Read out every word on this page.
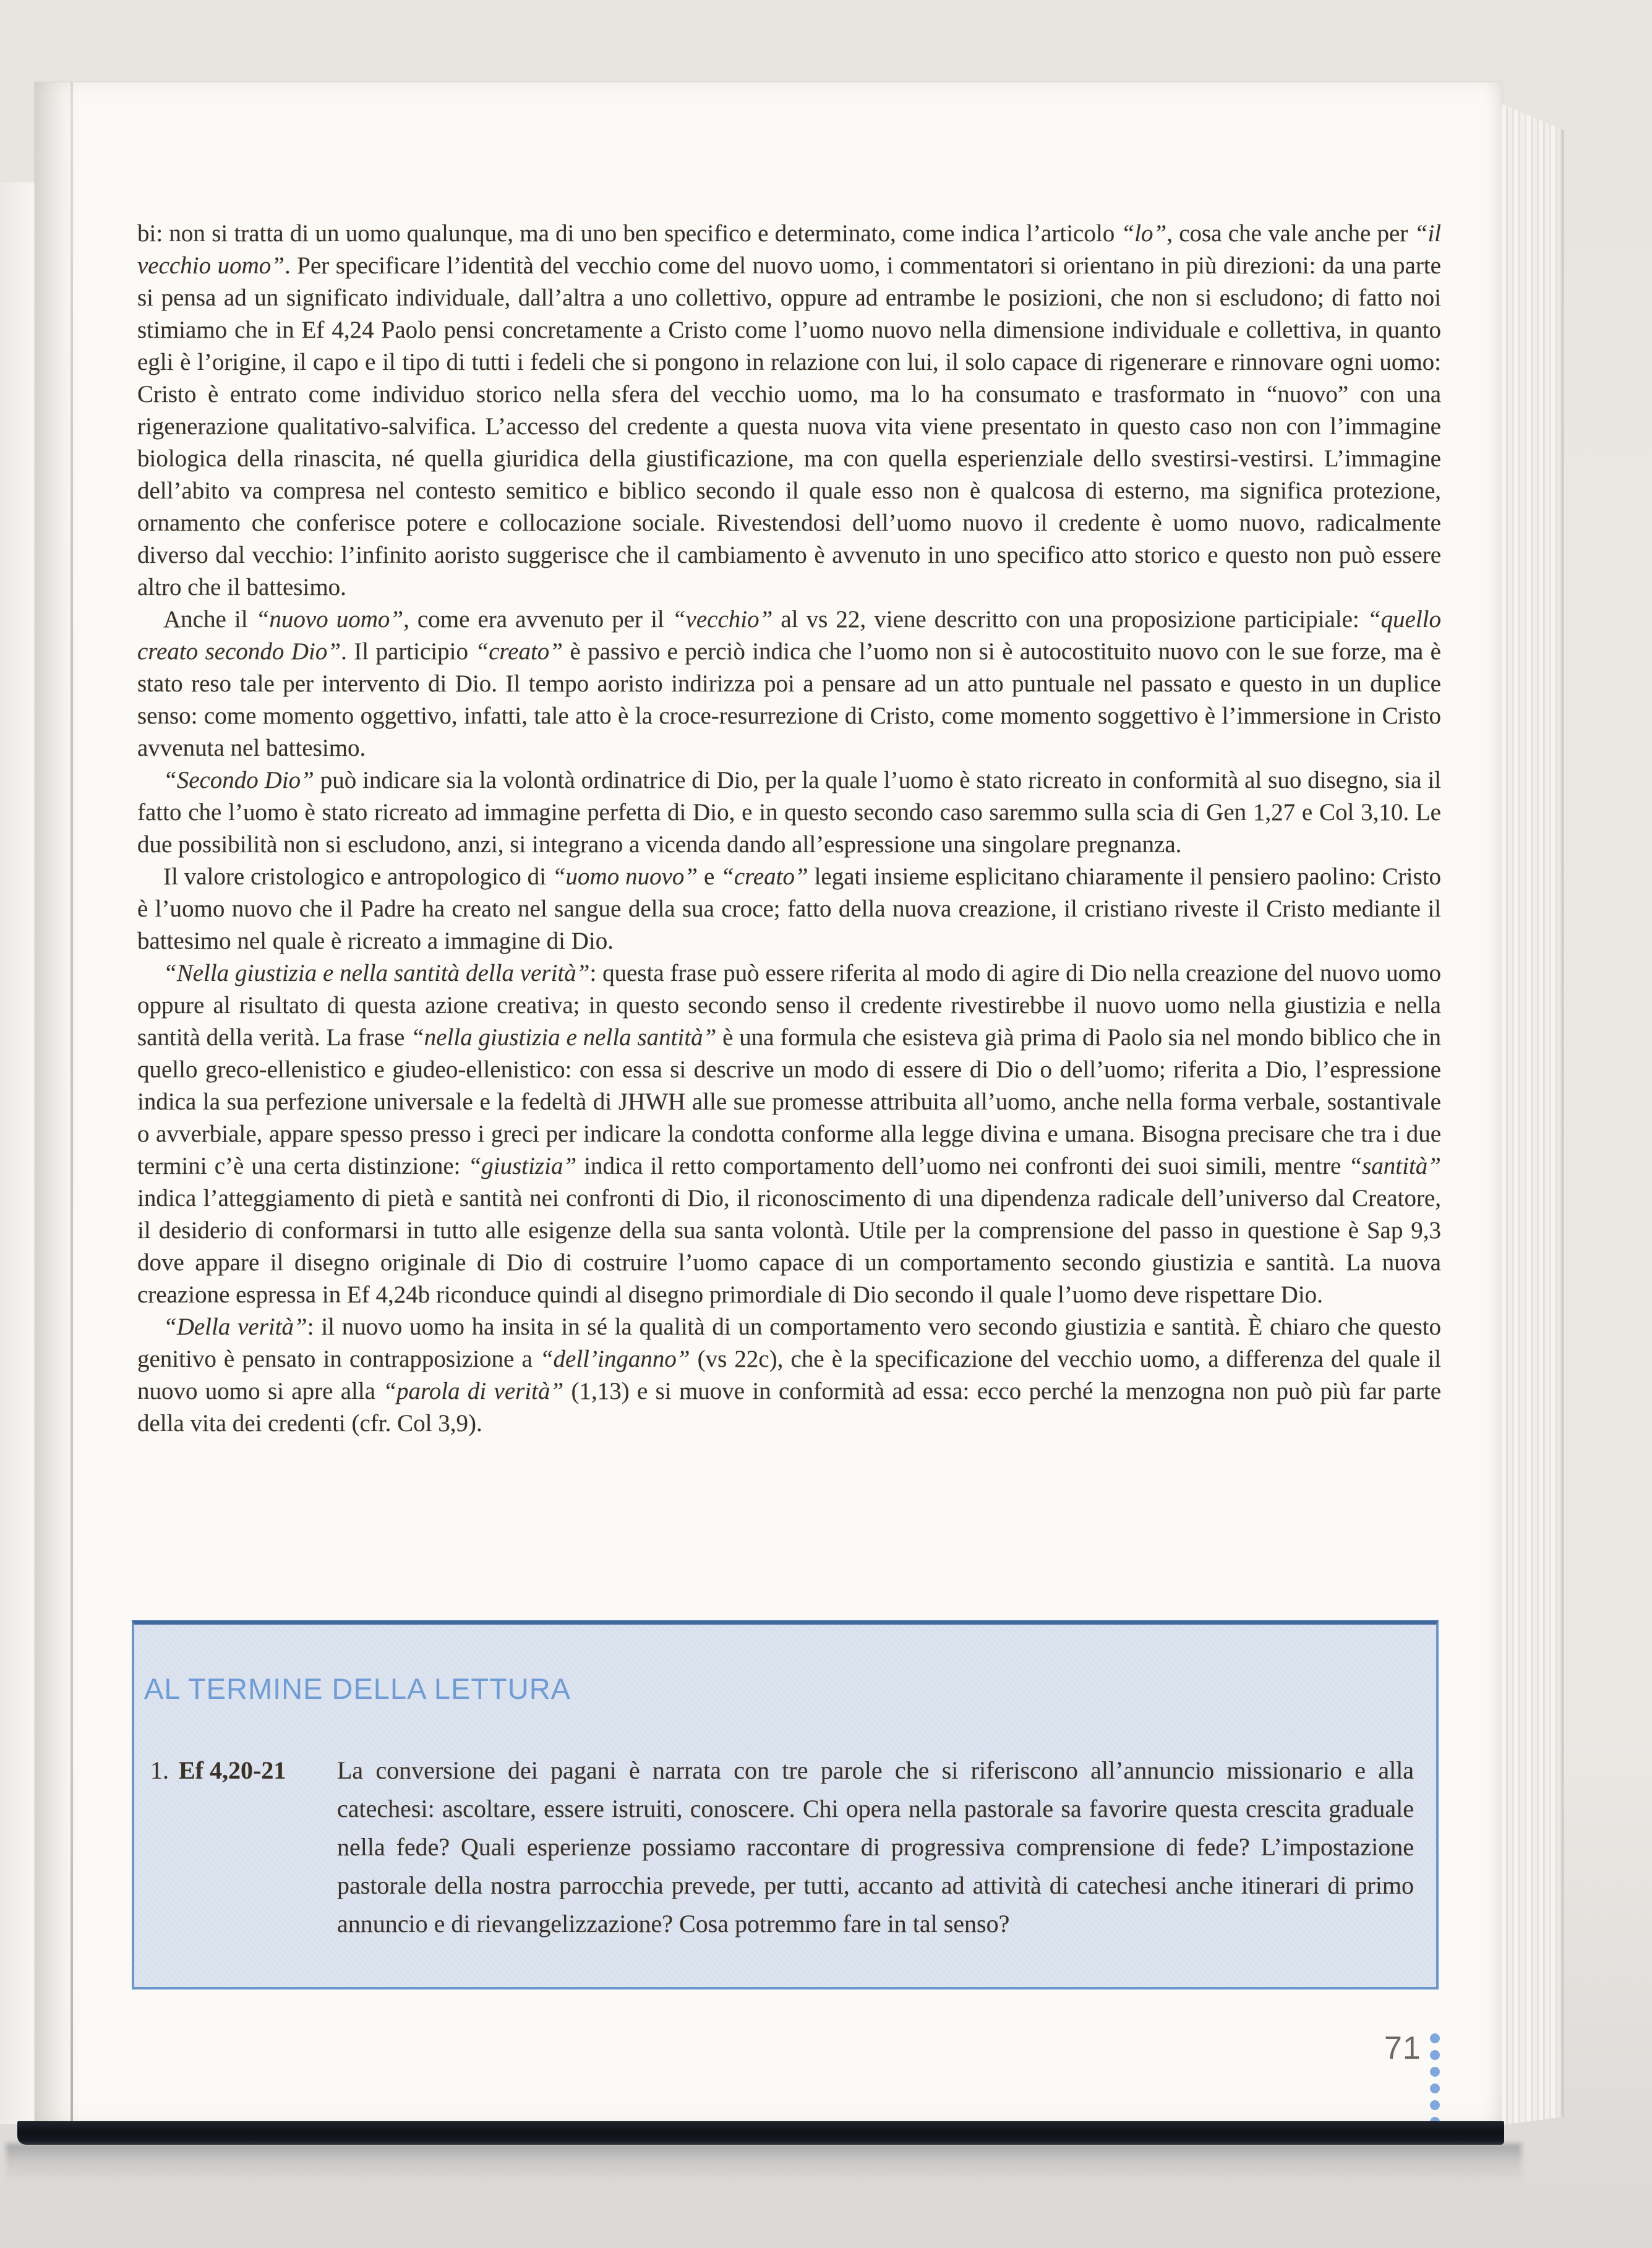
bi: non si tratta di un uomo qualunque, ma di uno ben specifico e determinato, come indica l’articolo “lo”, cosa che vale anche per “il vecchio uomo”. Per specificare l’identità del vecchio come del nuovo uomo, i commentatori si orientano in più direzioni: da una parte si pensa ad un significato individuale, dall’altra a uno collettivo, oppure ad entrambe le posizioni, che non si escludono; di fatto noi stimiamo che in Ef 4,24 Paolo pensi concretamente a Cristo come l’uomo nuovo nella dimensione individuale e collettiva, in quanto egli è l’origine, il capo e il tipo di tutti i fedeli che si pongono in relazione con lui, il solo capace di rigenerare e rinnovare ogni uomo: Cristo è entrato come individuo storico nella sfera del vecchio uomo, ma lo ha consumato e trasformato in “nuovo” con una rigenerazione qualitativo-salvifica. L’accesso del credente a questa nuova vita viene presentato in questo caso non con l’immagine biologica della rinascita, né quella giuridica della giustificazione, ma con quella esperienziale dello svestirsi-vestirsi. L’immagine dell’abito va compresa nel contesto semitico e biblico secondo il quale esso non è qualcosa di esterno, ma significa protezione, ornamento che conferisce potere e collocazione sociale. Rivestendosi dell’uomo nuovo il credente è uomo nuovo, radicalmente diverso dal vecchio: l’infinito aoristo suggerisce che il cambiamento è avvenuto in uno specifico atto storico e questo non può essere altro che il battesimo.

Anche il “nuovo uomo”, come era avvenuto per il “vecchio” al vs 22, viene descritto con una proposizione participiale: “quello creato secondo Dio”. Il participio “creato” è passivo e perciò indica che l’uomo non si è autocostituito nuovo con le sue forze, ma è stato reso tale per intervento di Dio. Il tempo aoristo indirizza poi a pensare ad un atto puntuale nel passato e questo in un duplice senso: come momento oggettivo, infatti, tale atto è la croce-resurrezione di Cristo, come momento soggettivo è l’immersione in Cristo avvenuta nel battesimo.

“Secondo Dio” può indicare sia la volontà ordinatrice di Dio, per la quale l’uomo è stato ricreato in conformità al suo disegno, sia il fatto che l’uomo è stato ricreato ad immagine perfetta di Dio, e in questo secondo caso saremmo sulla scia di Gen 1,27 e Col 3,10. Le due possibilità non si escludono, anzi, si integrano a vicenda dando all’espressione una singolare pregnanza.

Il valore cristologico e antropologico di “uomo nuovo” e “creato” legati insieme esplicitano chiaramente il pensiero paolino: Cristo è l’uomo nuovo che il Padre ha creato nel sangue della sua croce; fatto della nuova creazione, il cristiano riveste il Cristo mediante il battesimo nel quale è ricreato a immagine di Dio.

“Nella giustizia e nella santità della verità”: questa frase può essere riferita al modo di agire di Dio nella creazione del nuovo uomo oppure al risultato di questa azione creativa; in questo secondo senso il credente rivestirebbe il nuovo uomo nella giustizia e nella santità della verità. La frase “nella giustizia e nella santità” è una formula che esisteva già prima di Paolo sia nel mondo biblico che in quello greco-ellenistico e giudeo-ellenistico: con essa si descrive un modo di essere di Dio o dell’uomo; riferita a Dio, l’espressione indica la sua perfezione universale e la fedeltà di JHWH alle sue promesse attribuita all’uomo, anche nella forma verbale, sostantivale o avverbiale, appare spesso presso i greci per indicare la condotta conforme alla legge divina e umana. Bisogna precisare che tra i due termini c’è una certa distinzione: “giustizia” indica il retto comportamento dell’uomo nei confronti dei suoi simili, mentre “santità” indica l’atteggiamento di pietà e santità nei confronti di Dio, il riconoscimento di una dipendenza radicale dell’universo dal Creatore, il desiderio di conformarsi in tutto alle esigenze della sua santa volontà. Utile per la comprensione del passo in questione è Sap 9,3 dove appare il disegno originale di Dio di costruire l’uomo capace di un comportamento secondo giustizia e santità. La nuova creazione espressa in Ef 4,24b riconduce quindi al disegno primordiale di Dio secondo il quale l’uomo deve rispettare Dio.

“Della verità”: il nuovo uomo ha insita in sé la qualità di un comportamento vero secondo giustizia e santità. È chiaro che questo genitivo è pensato in contrapposizione a “dell’inganno” (vs 22c), che è la specificazione del vecchio uomo, a differenza del quale il nuovo uomo si apre alla “parola di verità” (1,13) e si muove in conformità ad essa: ecco perché la menzogna non può più far parte della vita dei credenti (cfr. Col 3,9).

AL TERMINE DELLA LETTURA
1. Ef 4,20-21	La conversione dei pagani è narrata con tre parole che si riferiscono all’annuncio missionario e alla catechesi: ascoltare, essere istruiti, conoscere. Chi opera nella pastorale sa favorire questa crescita graduale nella fede? Quali esperienze possiamo raccontare di progressiva comprensione di fede? L’impostazione pastorale della nostra parrocchia prevede, per tutti, accanto ad attività di catechesi anche itinerari di primo annuncio e di rievangelizzazione? Cosa potremmo fare in tal senso?
71
